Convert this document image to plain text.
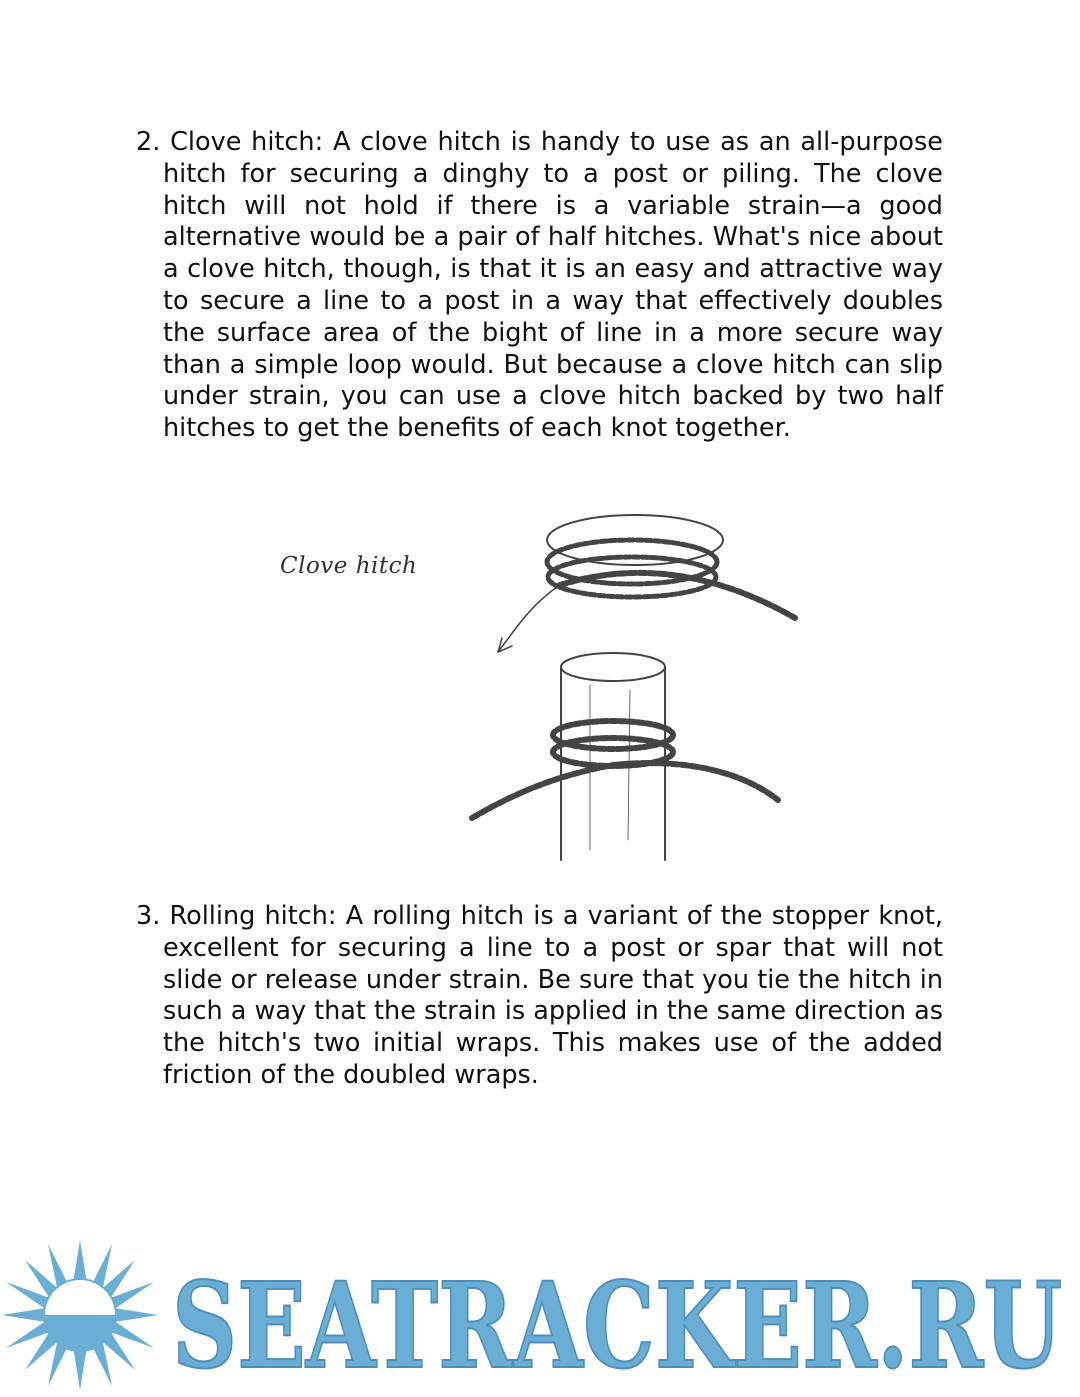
2. Clove hitch: A clove hitch is handy to use as an all-purpose hitch for securing a dinghy to a post or piling. The clove hitch will not hold if there is a variable strain—a good alternative would be a pair of half hitches. What's nice about a clove hitch, though, is that it is an easy and attractive way to secure a line to a post in a way that effectively doubles the surface area of the bight of line in a more secure way than a simple loop would. But because a clove hitch can slip under strain, you can use a clove hitch backed by two half hitches to get the benefits of each knot together.

Clove hitch

3. Rolling hitch: A rolling hitch is a variant of the stopper knot, excellent for securing a line to a post or spar that will not slide or release under strain. Be sure that you tie the hitch in such a way that the strain is applied in the same direction as the hitch's two initial wraps. This makes use of the added friction of the doubled wraps.

SEATRACKER.RU
